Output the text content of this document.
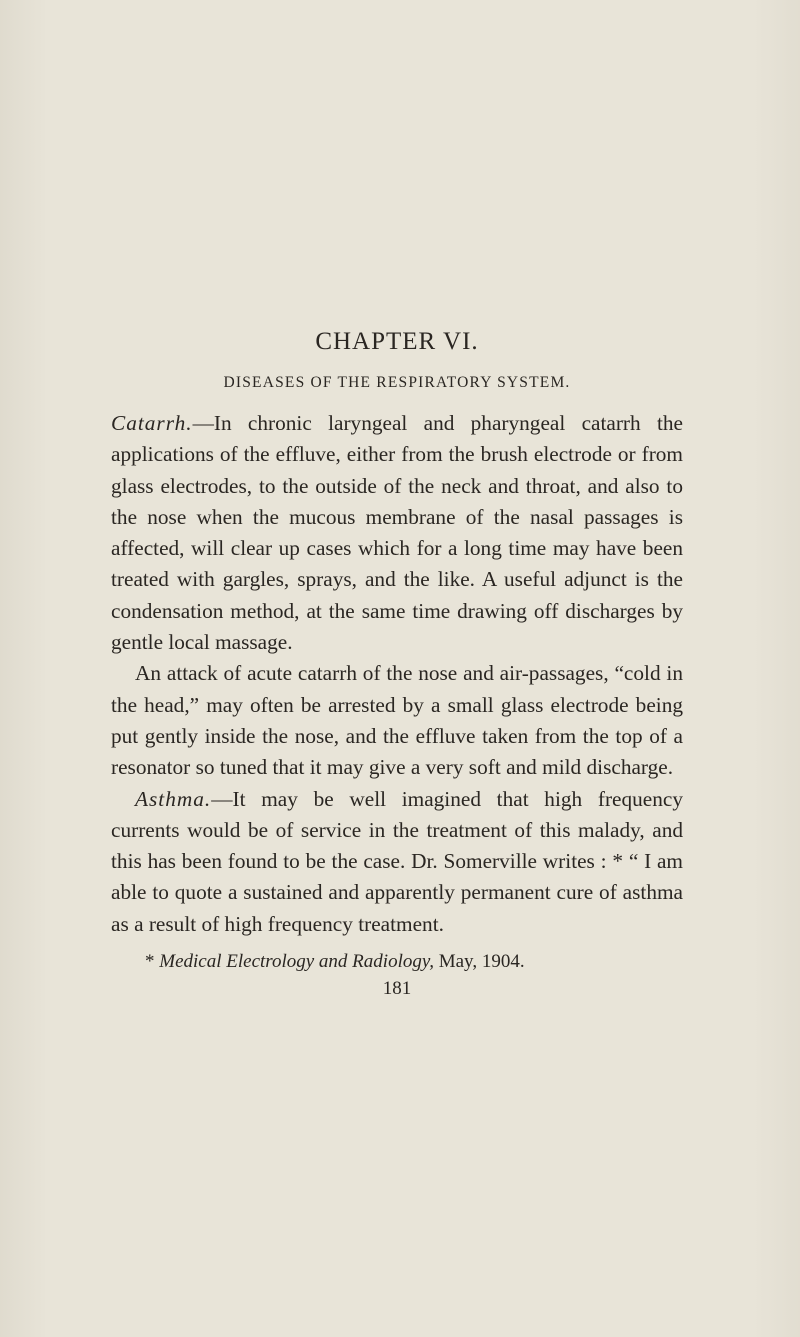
CHAPTER VI.
DISEASES OF THE RESPIRATORY SYSTEM.

Catarrh.—In chronic laryngeal and pharyngeal catarrh the applications of the effluve, either from the brush electrode or from glass electrodes, to the outside of the neck and throat, and also to the nose when the mucous membrane of the nasal passages is affected, will clear up cases which for a long time may have been treated with gargles, sprays, and the like. A useful adjunct is the condensation method, at the same time drawing off discharges by gentle local massage.

An attack of acute catarrh of the nose and air-passages, “cold in the head,” may often be arrested by a small glass electrode being put gently inside the nose, and the effluve taken from the top of a resonator so tuned that it may give a very soft and mild discharge.

Asthma.—It may be well imagined that high frequency currents would be of service in the treatment of this malady, and this has been found to be the case. Dr. Somerville writes : * “ I am able to quote a sustained and apparently permanent cure of asthma as a result of high frequency treatment.

* Medical Electrology and Radiology, May, 1904.

181
